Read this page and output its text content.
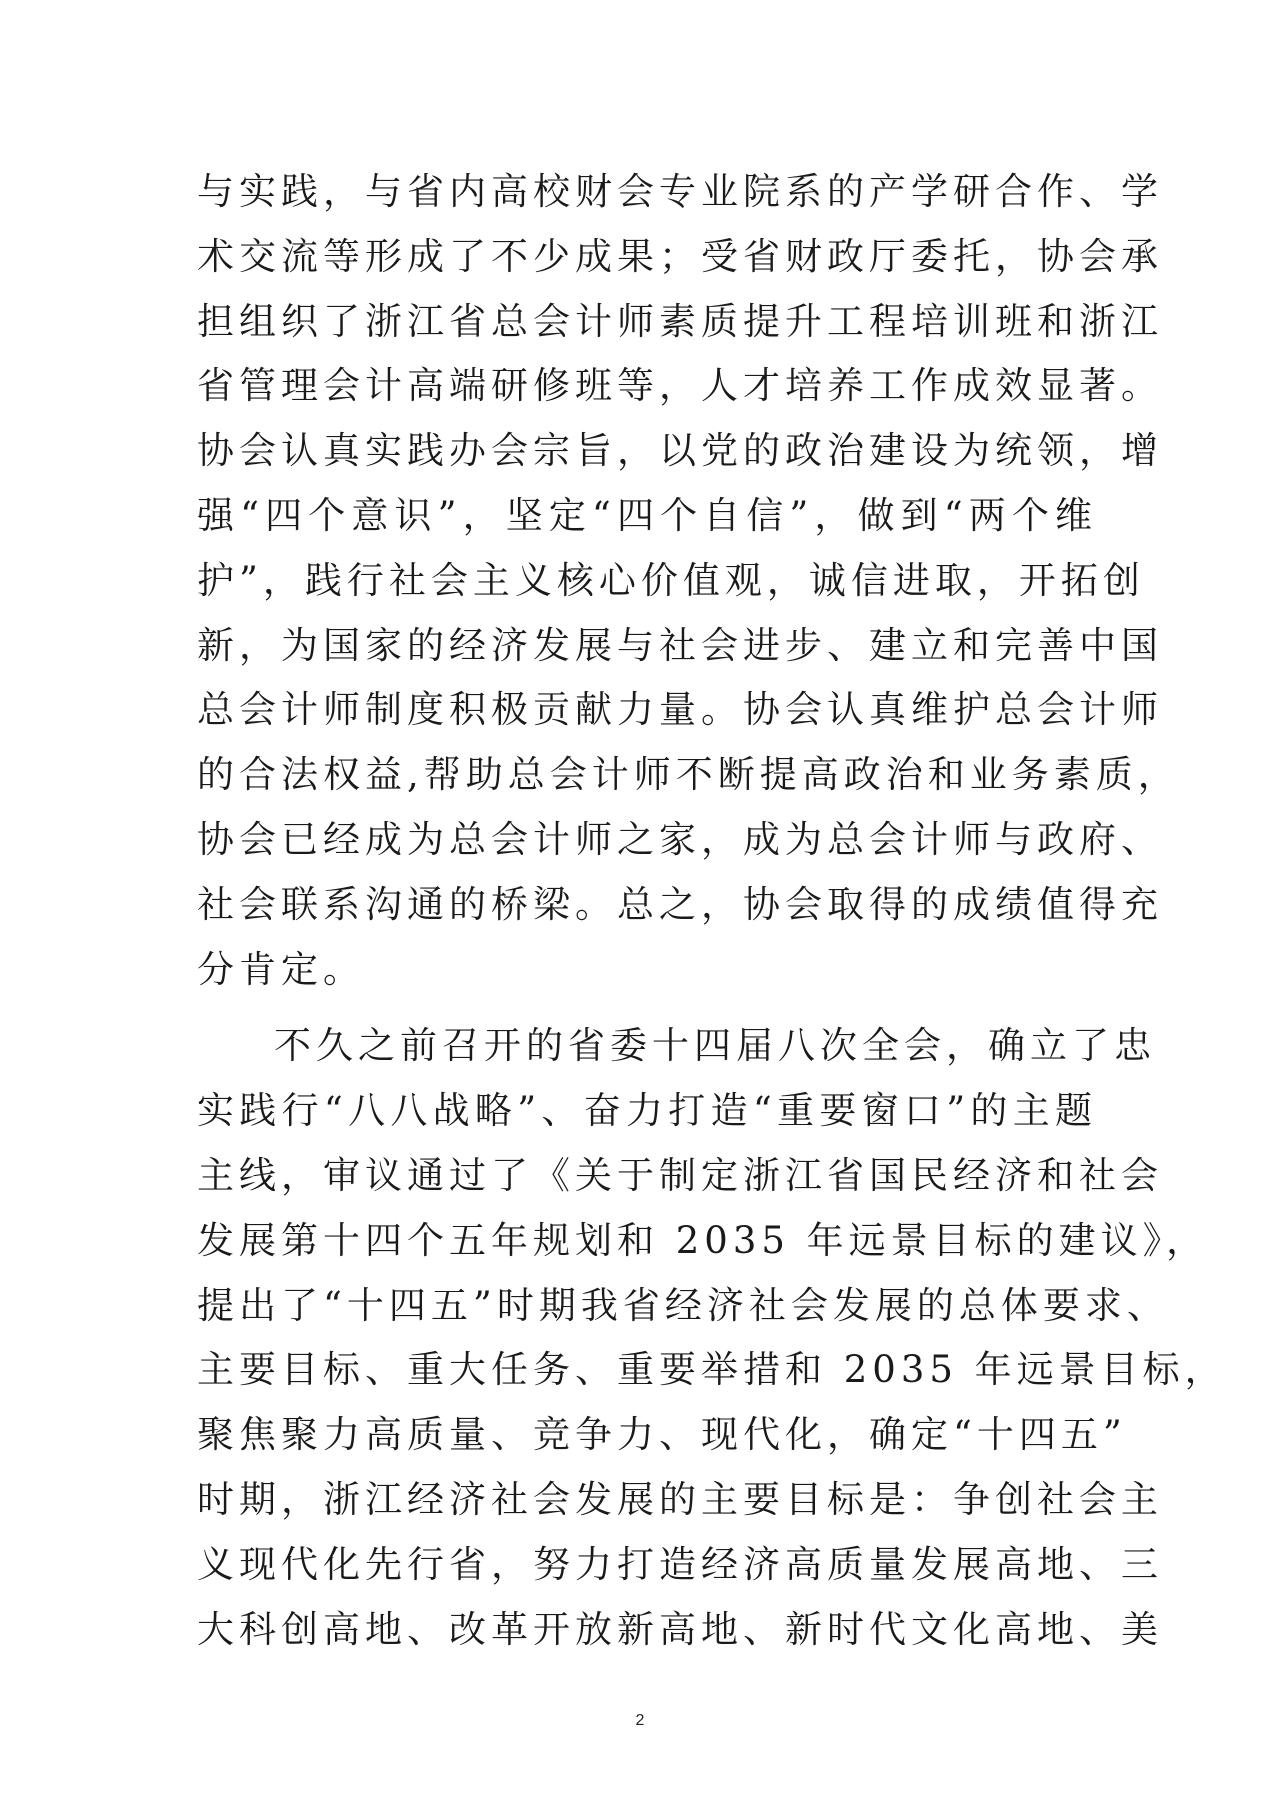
与实践，与省内高校财会专业院系的产学研合作、学
术交流等形成了不少成果；受省财政厅委托，协会承
担组织了浙江省总会计师素质提升工程培训班和浙江
省管理会计高端研修班等，人才培养工作成效显著。
协会认真实践办会宗旨，以党的政治建设为统领，增
强“四个意识”，坚定“四个自信”，做到“两个维
护”，践行社会主义核心价值观，诚信进取，开拓创
新，为国家的经济发展与社会进步、建立和完善中国
总会计师制度积极贡献力量。协会认真维护总会计师
的合法权益,帮助总会计师不断提高政治和业务素质，
协会已经成为总会计师之家，成为总会计师与政府、
社会联系沟通的桥梁。总之，协会取得的成绩值得充
分肯定。
不久之前召开的省委十四届八次全会，确立了忠
实践行“八八战略”、奋力打造“重要窗口”的主题
主线，审议通过了《关于制定浙江省国民经济和社会
发展第十四个五年规划和 2035 年远景目标的建议》，
提出了“十四五”时期我省经济社会发展的总体要求、
主要目标、重大任务、重要举措和 2035 年远景目标，
聚焦聚力高质量、竞争力、现代化，确定“十四五”
时期，浙江经济社会发展的主要目标是：争创社会主
义现代化先行省，努力打造经济高质量发展高地、三
大科创高地、改革开放新高地、新时代文化高地、美
2
